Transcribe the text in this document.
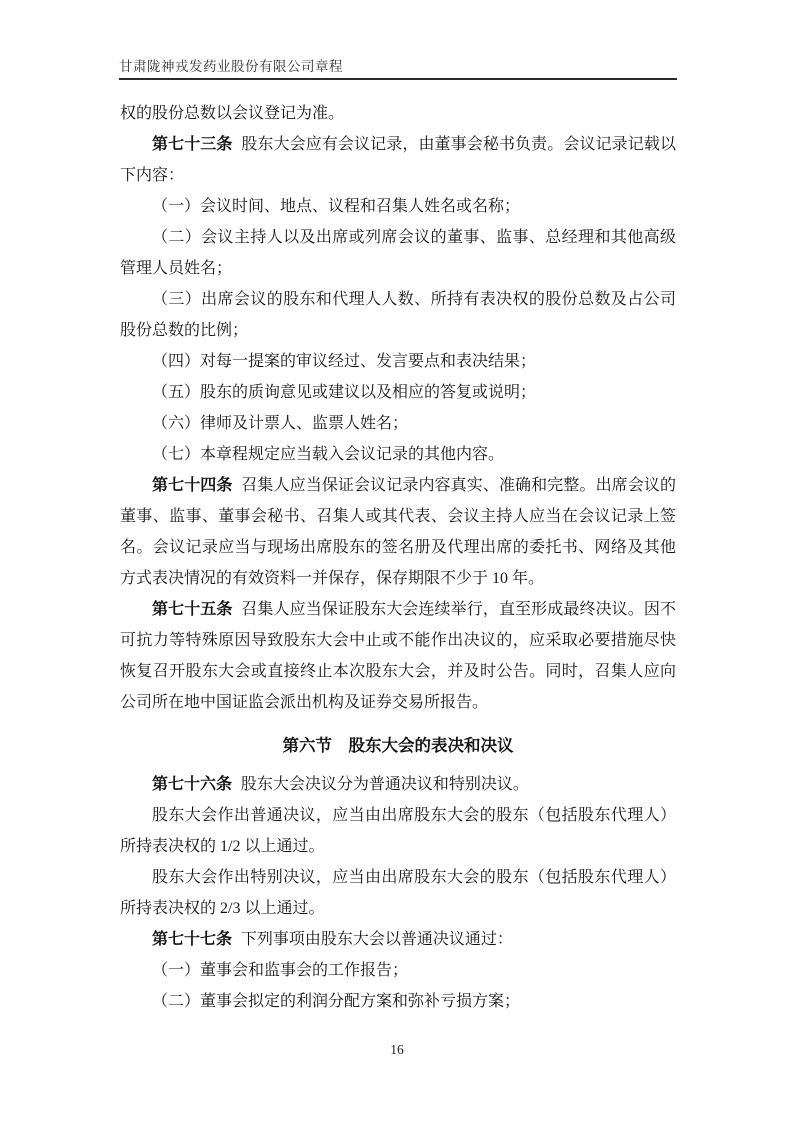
甘肃陇神戎发药业股份有限公司章程

权的股份总数以会议登记为准。

第七十三条 股东大会应有会议记录，由董事会秘书负责。会议记录记载以下内容：

（一）会议时间、地点、议程和召集人姓名或名称；

（二）会议主持人以及出席或列席会议的董事、监事、总经理和其他高级管理人员姓名；

（三）出席会议的股东和代理人人数、所持有表决权的股份总数及占公司股份总数的比例；

（四）对每一提案的审议经过、发言要点和表决结果；

（五）股东的质询意见或建议以及相应的答复或说明；

（六）律师及计票人、监票人姓名；

（七）本章程规定应当载入会议记录的其他内容。

第七十四条 召集人应当保证会议记录内容真实、准确和完整。出席会议的董事、监事、董事会秘书、召集人或其代表、会议主持人应当在会议记录上签名。会议记录应当与现场出席股东的签名册及代理出席的委托书、网络及其他方式表决情况的有效资料一并保存，保存期限不少于 10 年。

第七十五条 召集人应当保证股东大会连续举行，直至形成最终决议。因不可抗力等特殊原因导致股东大会中止或不能作出决议的，应采取必要措施尽快恢复召开股东大会或直接终止本次股东大会，并及时公告。同时，召集人应向公司所在地中国证监会派出机构及证券交易所报告。

第六节　股东大会的表决和决议

第七十六条 股东大会决议分为普通决议和特别决议。

股东大会作出普通决议，应当由出席股东大会的股东（包括股东代理人）所持表决权的 1/2 以上通过。

股东大会作出特别决议，应当由出席股东大会的股东（包括股东代理人）所持表决权的 2/3 以上通过。

第七十七条 下列事项由股东大会以普通决议通过：

（一）董事会和监事会的工作报告；

（二）董事会拟定的利润分配方案和弥补亏损方案；

16
